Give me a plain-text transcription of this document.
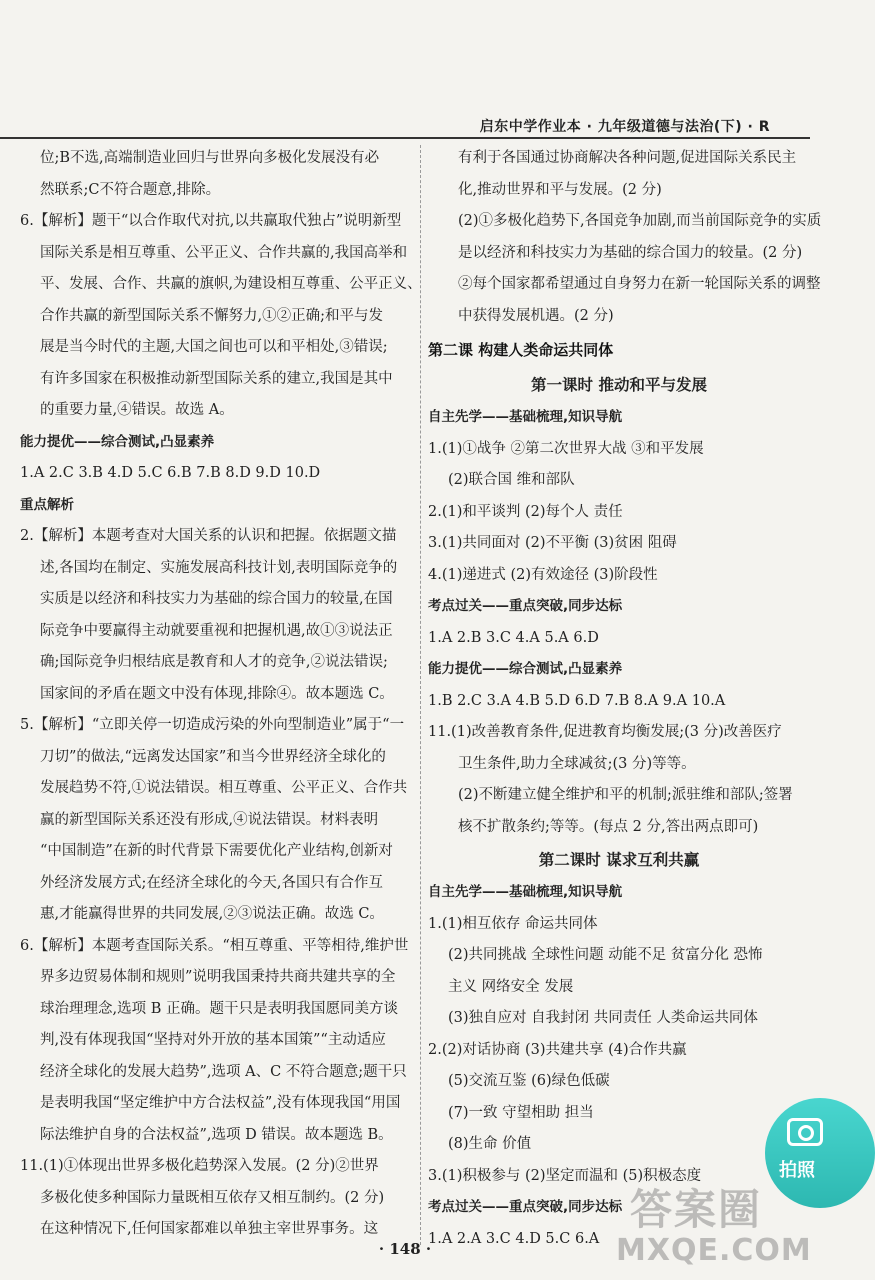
启东中学作业本 · 九年级道德与法治(下) · R
位;B不选,高端制造业回归与世界向多极化发展没有必
然联系;C不符合题意,排除。
6.【解析】题干“以合作取代对抗,以共赢取代独占”说明新型
国际关系是相互尊重、公平正义、合作共赢的,我国高举和
平、发展、合作、共赢的旗帜,为建设相互尊重、公平正义、
合作共赢的新型国际关系不懈努力,①②正确;和平与发
展是当今时代的主题,大国之间也可以和平相处,③错误;
有许多国家在积极推动新型国际关系的建立,我国是其中
的重要力量,④错误。故选 A。
能力提优——综合测试,凸显素养
1.A 2.C 3.B 4.D 5.C 6.B 7.B 8.D 9.D 10.D
重点解析
2.【解析】本题考查对大国关系的认识和把握。依据题文描
述,各国均在制定、实施发展高科技计划,表明国际竞争的
实质是以经济和科技实力为基础的综合国力的较量,在国
际竞争中要赢得主动就要重视和把握机遇,故①③说法正
确;国际竞争归根结底是教育和人才的竞争,②说法错误;
国家间的矛盾在题文中没有体现,排除④。故本题选 C。
5.【解析】“立即关停一切造成污染的外向型制造业”属于“一
刀切”的做法,“远离发达国家”和当今世界经济全球化的
发展趋势不符,①说法错误。相互尊重、公平正义、合作共
赢的新型国际关系还没有形成,④说法错误。材料表明
“中国制造”在新的时代背景下需要优化产业结构,创新对
外经济发展方式;在经济全球化的今天,各国只有合作互
惠,才能赢得世界的共同发展,②③说法正确。故选 C。
6.【解析】本题考查国际关系。“相互尊重、平等相待,维护世
界多边贸易体制和规则”说明我国秉持共商共建共享的全
球治理理念,选项 B 正确。题干只是表明我国愿同美方谈
判,没有体现我国“坚持对外开放的基本国策”“主动适应
经济全球化的发展大趋势”,选项 A、C 不符合题意;题干只
是表明我国“坚定维护中方合法权益”,没有体现我国“用国
际法维护自身的合法权益”,选项 D 错误。故本题选 B。
11.(1)①体现出世界多极化趋势深入发展。(2 分)②世界
多极化使多种国际力量既相互依存又相互制约。(2 分)
在这种情况下,任何国家都难以单独主宰世界事务。这
有利于各国通过协商解决各种问题,促进国际关系民主
化,推动世界和平与发展。(2 分)
(2)①多极化趋势下,各国竞争加剧,而当前国际竞争的实质
是以经济和科技实力为基础的综合国力的较量。(2 分)
②每个国家都希望通过自身努力在新一轮国际关系的调整
中获得发展机遇。(2 分)
第二课 构建人类命运共同体
第一课时 推动和平与发展
自主先学——基础梳理,知识导航
1.(1)①战争 ②第二次世界大战 ③和平发展
(2)联合国 维和部队
2.(1)和平谈判 (2)每个人 责任
3.(1)共同面对 (2)不平衡 (3)贫困 阻碍
4.(1)递进式 (2)有效途径 (3)阶段性
考点过关——重点突破,同步达标
1.A 2.B 3.C 4.A 5.A 6.D
能力提优——综合测试,凸显素养
1.B 2.C 3.A 4.B 5.D 6.D 7.B 8.A 9.A 10.A
11.(1)改善教育条件,促进教育均衡发展;(3 分)改善医疗
卫生条件,助力全球减贫;(3 分)等等。
(2)不断建立健全维护和平的机制;派驻维和部队;签署
核不扩散条约;等等。(每点 2 分,答出两点即可)
第二课时 谋求互利共赢
自主先学——基础梳理,知识导航
1.(1)相互依存 命运共同体
(2)共同挑战 全球性问题 动能不足 贫富分化 恐怖
主义 网络安全 发展
(3)独自应对 自我封闭 共同责任 人类命运共同体
2.(2)对话协商 (3)共建共享 (4)合作共赢
(5)交流互鉴 (6)绿色低碳
(7)一致 守望相助 担当
(8)生命 价值
3.(1)积极参与 (2)坚定而温和 (5)积极态度
考点过关——重点突破,同步达标
1.A 2.A 3.C 4.D 5.C 6.A
· 148 ·
拍照
答案圈
MXQE.COM
